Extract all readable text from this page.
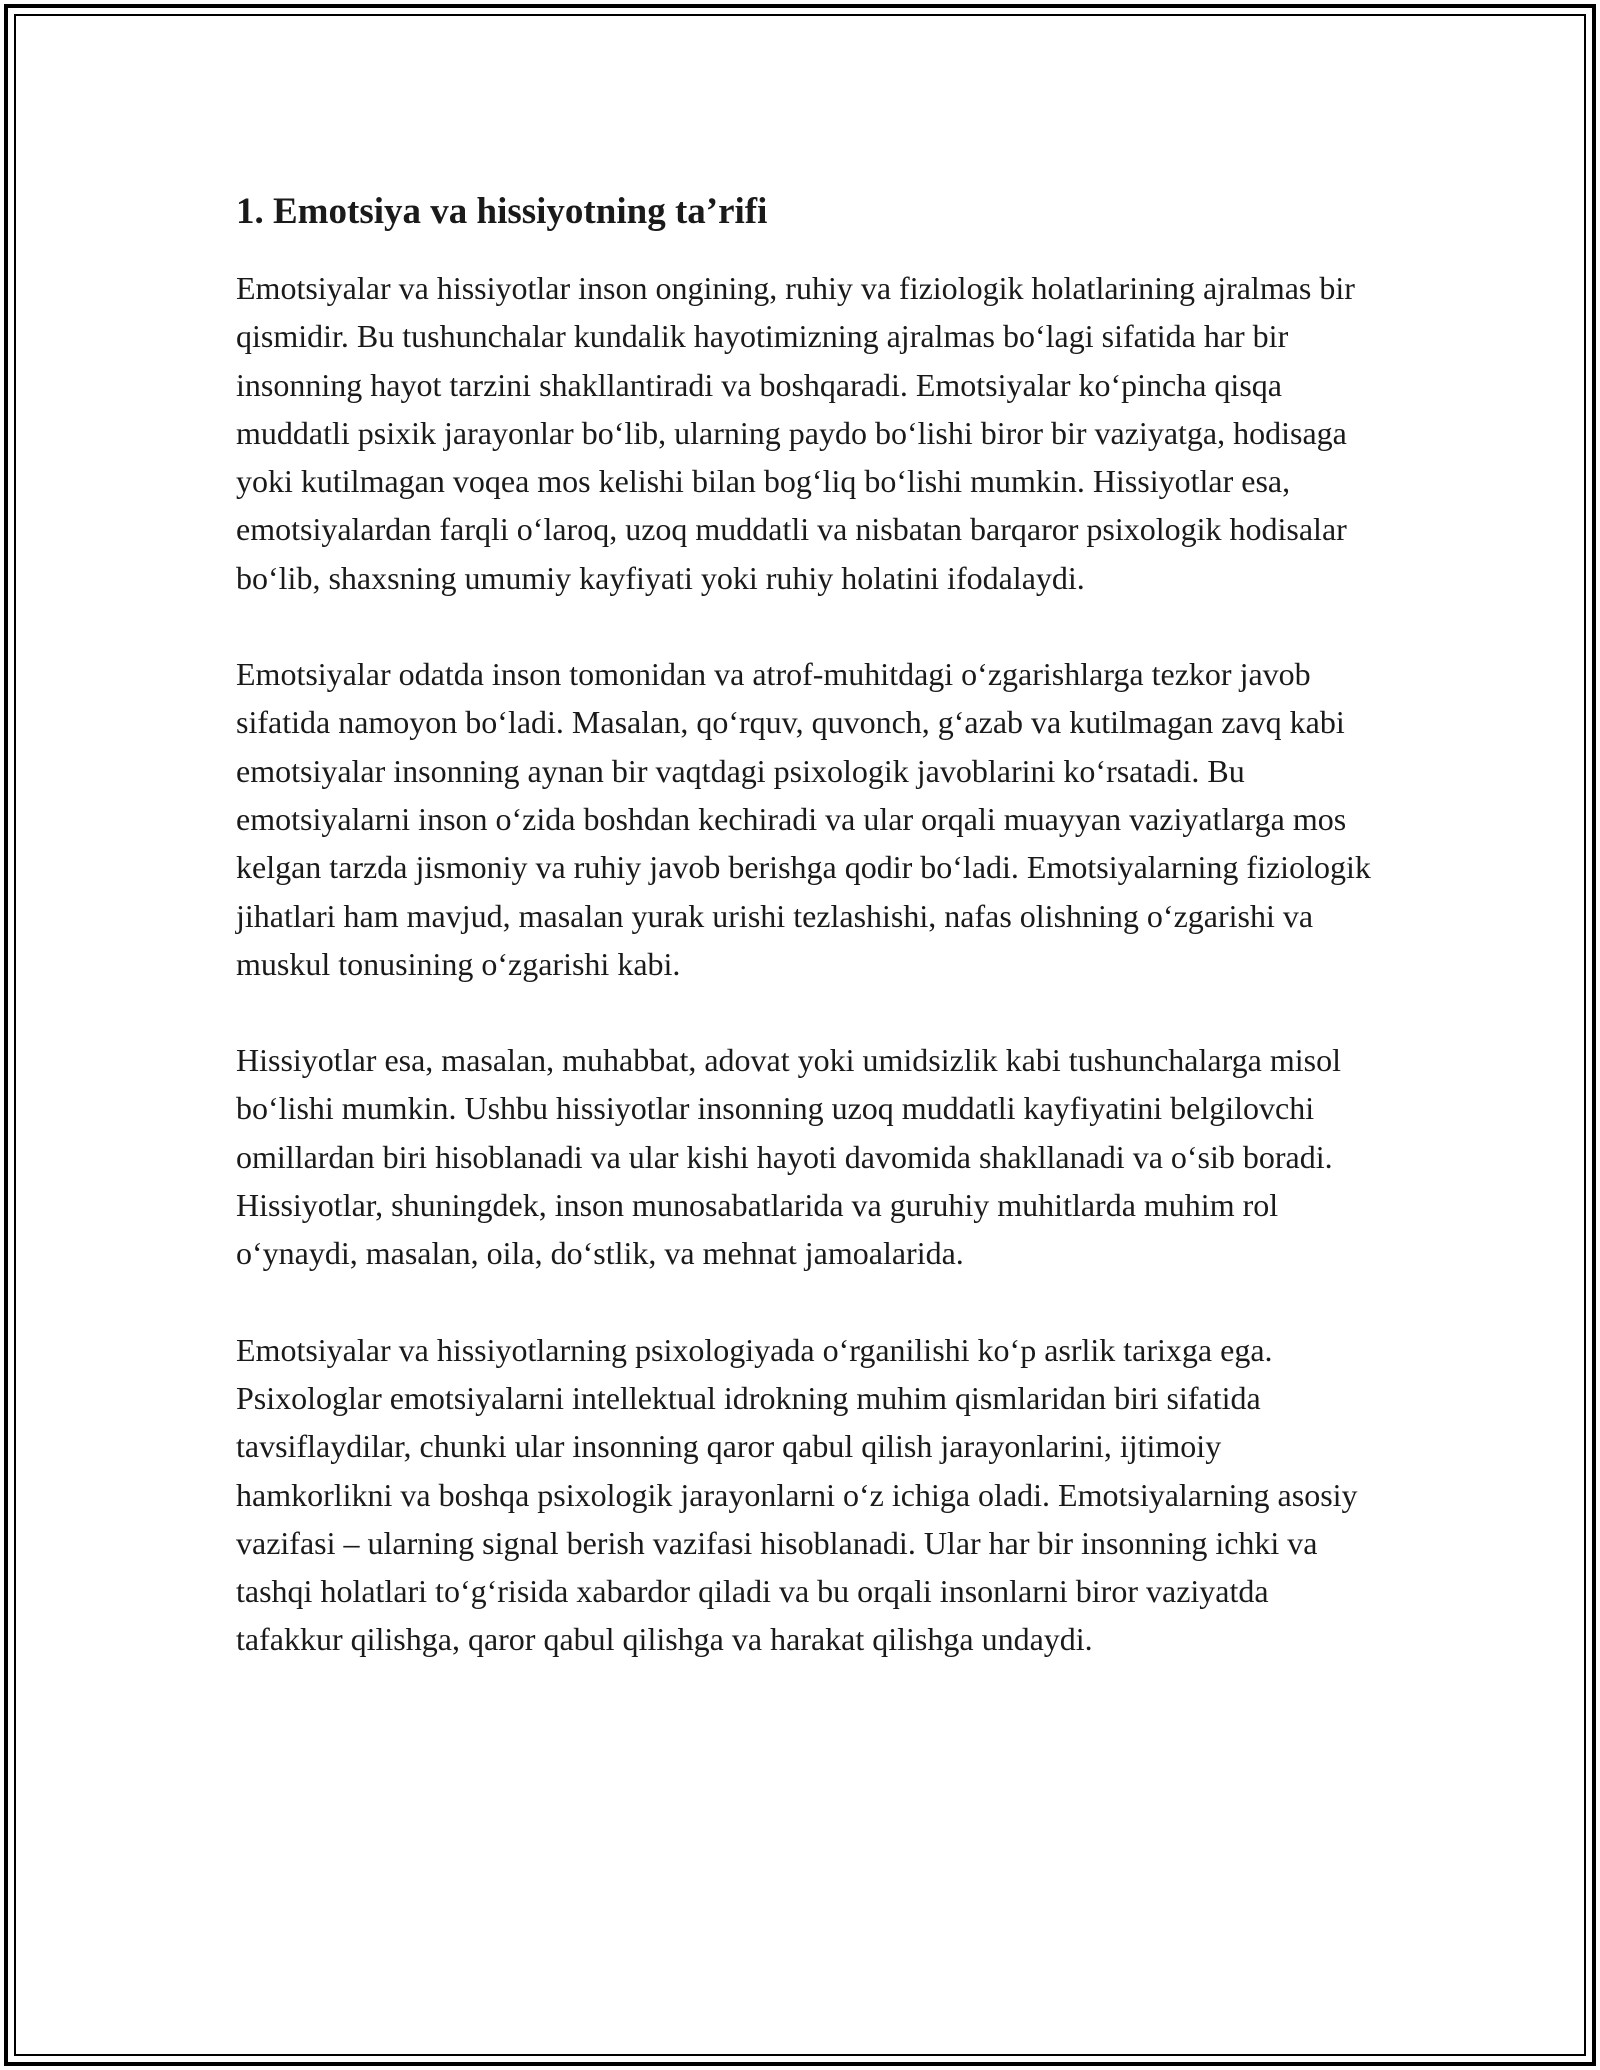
1. Emotsiya va hissiyotning ta’rifi

Emotsiyalar va hissiyotlar inson ongining, ruhiy va fiziologik holatlarining ajralmas bir qismidir. Bu tushunchalar kundalik hayotimizning ajralmas bo‘lagi sifatida har bir insonning hayot tarzini shakllantiradi va boshqaradi. Emotsiyalar ko‘pincha qisqa muddatli psixik jarayonlar bo‘lib, ularning paydo bo‘lishi biror bir vaziyatga, hodisaga yoki kutilmagan voqea mos kelishi bilan bog‘liq bo‘lishi mumkin. Hissiyotlar esa, emotsiyalardan farqli o‘laroq, uzoq muddatli va nisbatan barqaror psixologik hodisalar bo‘lib, shaxsning umumiy kayfiyati yoki ruhiy holatini ifodalaydi.

Emotsiyalar odatda inson tomonidan va atrof-muhitdagi o‘zgarishlarga tezkor javob sifatida namoyon bo‘ladi. Masalan, qo‘rquv, quvonch, g‘azab va kutilmagan zavq kabi emotsiyalar insonning aynan bir vaqtdagi psixologik javoblarini ko‘rsatadi. Bu emotsiyalarni inson o‘zida boshdan kechiradi va ular orqali muayyan vaziyatlarga mos kelgan tarzda jismoniy va ruhiy javob berishga qodir bo‘ladi. Emotsiyalarning fiziologik jihatlari ham mavjud, masalan yurak urishi tezlashishi, nafas olishning o‘zgarishi va muskul tonusining o‘zgarishi kabi.

Hissiyotlar esa, masalan, muhabbat, adovat yoki umidsizlik kabi tushunchalarga misol bo‘lishi mumkin. Ushbu hissiyotlar insonning uzoq muddatli kayfiyatini belgilovchi omillardan biri hisoblanadi va ular kishi hayoti davomida shakllanadi va o‘sib boradi. Hissiyotlar, shuningdek, inson munosabatlarida va guruhiy muhitlarda muhim rol o‘ynaydi, masalan, oila, do‘stlik, va mehnat jamoalarida.

Emotsiyalar va hissiyotlarning psixologiyada o‘rganilishi ko‘p asrlik tarixga ega. Psixologlar emotsiyalarni intellektual idrokning muhim qismlaridan biri sifatida tavsiflaydilar, chunki ular insonning qaror qabul qilish jarayonlarini, ijtimoiy hamkorlikni va boshqa psixologik jarayonlarni o‘z ichiga oladi. Emotsiyalarning asosiy vazifasi – ularning signal berish vazifasi hisoblanadi. Ular har bir insonning ichki va tashqi holatlari to‘g‘risida xabardor qiladi va bu orqali insonlarni biror vaziyatda tafakkur qilishga, qaror qabul qilishga va harakat qilishga undaydi.
